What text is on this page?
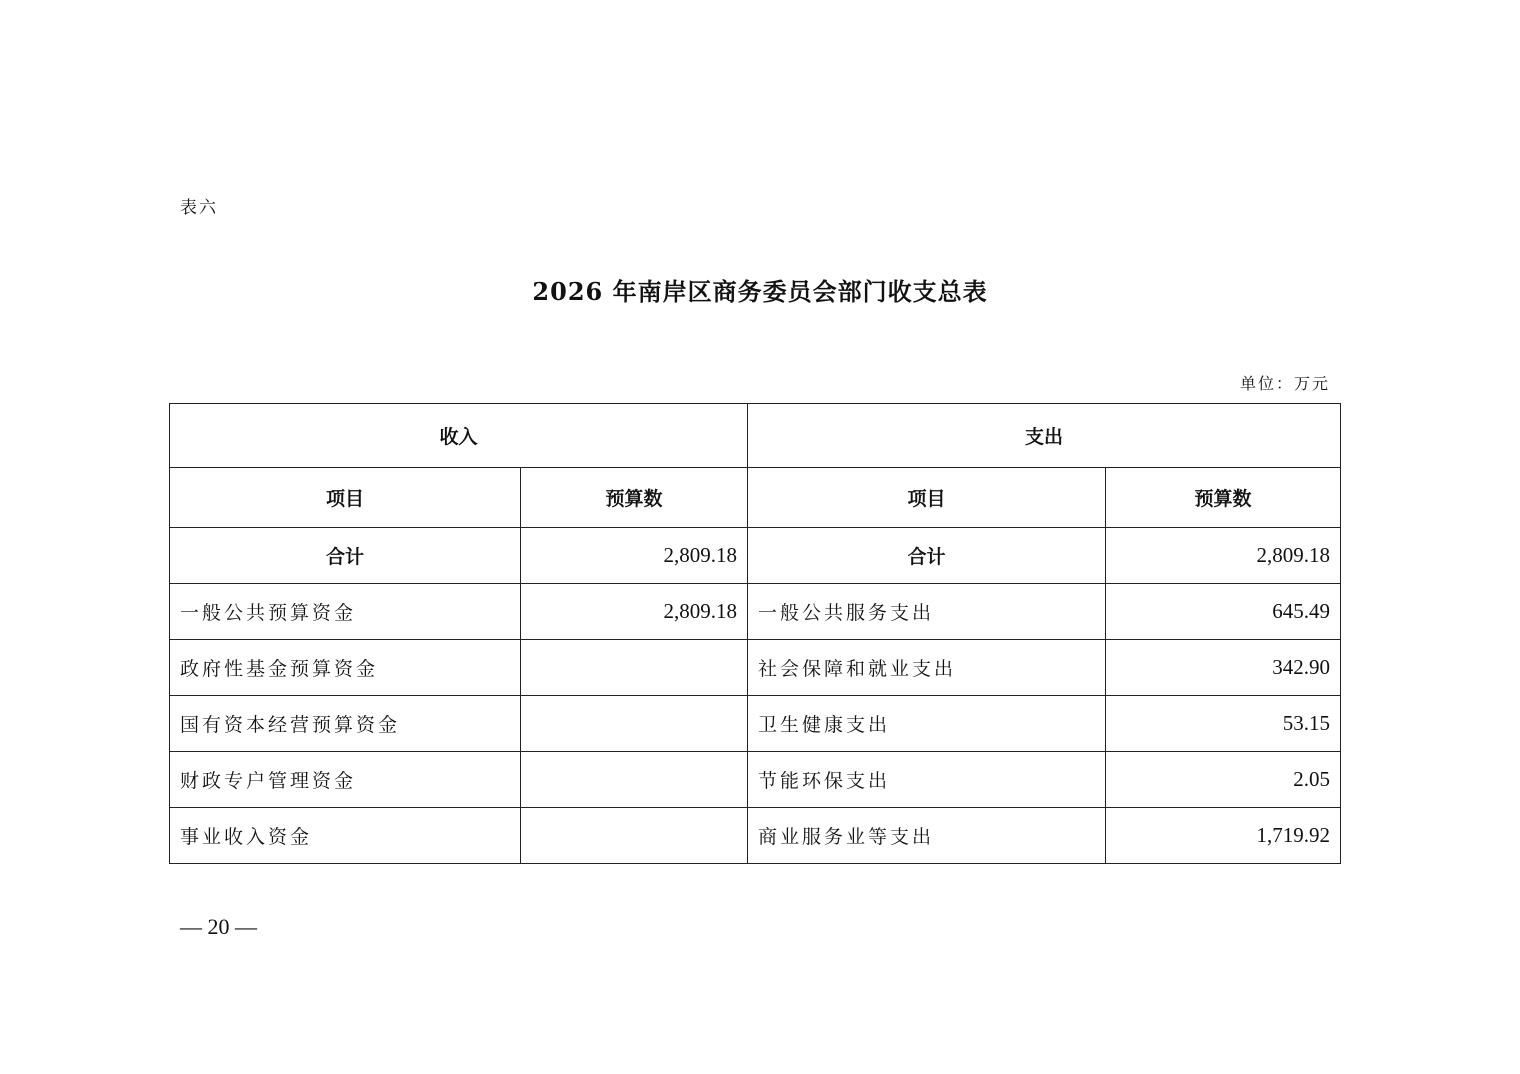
表六
2026 年南岸区商务委员会部门收支总表
单位：万元
收入		支出	
项目	预算数	项目	预算数
合计	2,809.18	合计	2,809.18
一般公共预算资金	2,809.18	一般公共服务支出	645.49
政府性基金预算资金		社会保障和就业支出	342.90
国有资本经营预算资金		卫生健康支出	53.15
财政专户管理资金		节能环保支出	2.05
事业收入资金		商业服务业等支出	1,719.92
— 20 —
